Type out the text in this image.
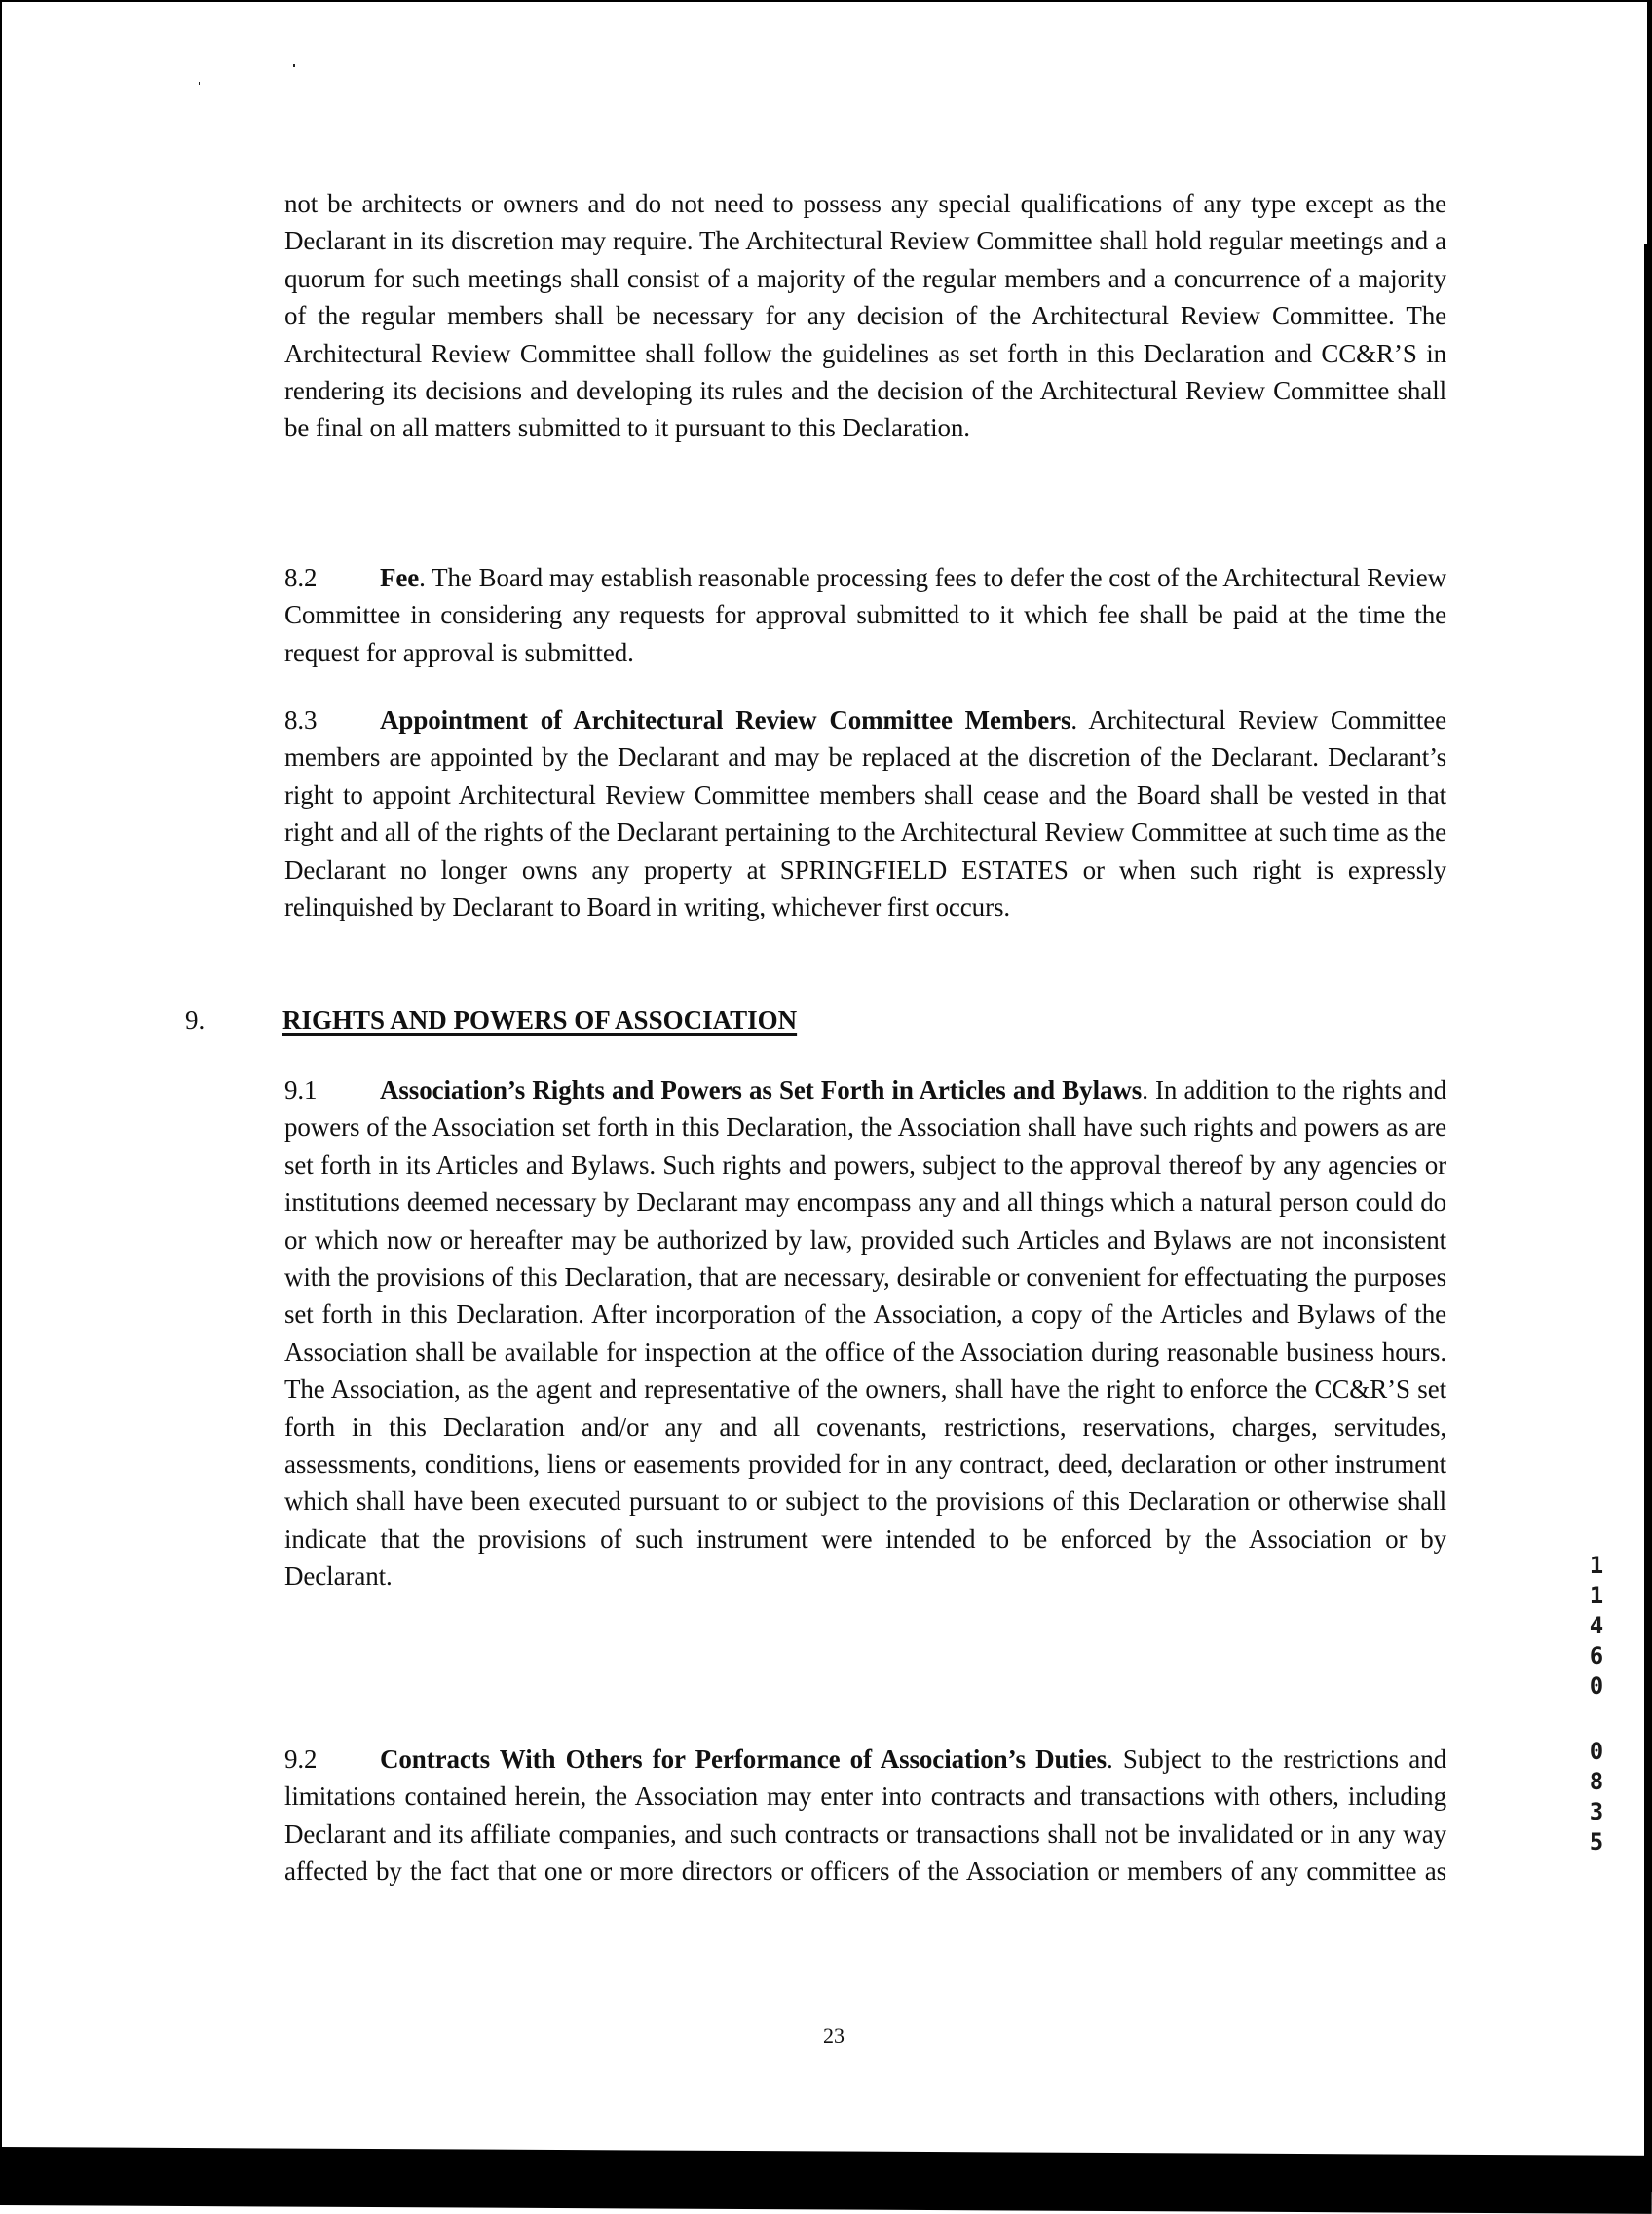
not be architects or owners and do not need to possess any special qualifications of any type except as the Declarant in its discretion may require. The Architectural Review Committee shall hold regular meetings and a quorum for such meetings shall consist of a majority of the regular members and a concurrence of a majority of the regular members shall be necessary for any decision of the Architectural Review Committee. The Architectural Review Committee shall follow the guidelines as set forth in this Declaration and CC&R’S in rendering its decisions and developing its rules and the decision of the Architectural Review Committee shall be final on all matters submitted to it pursuant to this Declaration.

8.2 Fee. The Board may establish reasonable processing fees to defer the cost of the Architectural Review Committee in considering any requests for approval submitted to it which fee shall be paid at the time the request for approval is submitted.

8.3 Appointment of Architectural Review Committee Members. Architectural Review Committee members are appointed by the Declarant and may be replaced at the discretion of the Declarant. Declarant’s right to appoint Architectural Review Committee members shall cease and the Board shall be vested in that right and all of the rights of the Declarant pertaining to the Architectural Review Committee at such time as the Declarant no longer owns any property at SPRINGFIELD ESTATES or when such right is expressly relinquished by Declarant to Board in writing, whichever first occurs.

9.	RIGHTS AND POWERS OF ASSOCIATION

9.1 Association’s Rights and Powers as Set Forth in Articles and Bylaws. In addition to the rights and powers of the Association set forth in this Declaration, the Association shall have such rights and powers as are set forth in its Articles and Bylaws. Such rights and powers, subject to the approval thereof by any agencies or institutions deemed necessary by Declarant may encompass any and all things which a natural person could do or which now or hereafter may be authorized by law, provided such Articles and Bylaws are not inconsistent with the provisions of this Declaration, that are necessary, desirable or convenient for effectuating the purposes set forth in this Declaration. After incorporation of the Association, a copy of the Articles and Bylaws of the Association shall be available for inspection at the office of the Association during reasonable business hours. The Association, as the agent and representative of the owners, shall have the right to enforce the CC&R’S set forth in this Declaration and/or any and all covenants, restrictions, reservations, charges, servitudes, assessments, conditions, liens or easements provided for in any contract, deed, declaration or other instrument which shall have been executed pursuant to or subject to the provisions of this Declaration or otherwise shall indicate that the provisions of such instrument were intended to be enforced by the Association or by Declarant.

9.2 Contracts With Others for Performance of Association’s Duties. Subject to the restrictions and limitations contained herein, the Association may enter into contracts and transactions with others, including Declarant and its affiliate companies, and such contracts or transactions shall not be invalidated or in any way affected by the fact that one or more directors or officers of the Association or members of any committee as

23
1
1
4
6
0
0
8
3
5
